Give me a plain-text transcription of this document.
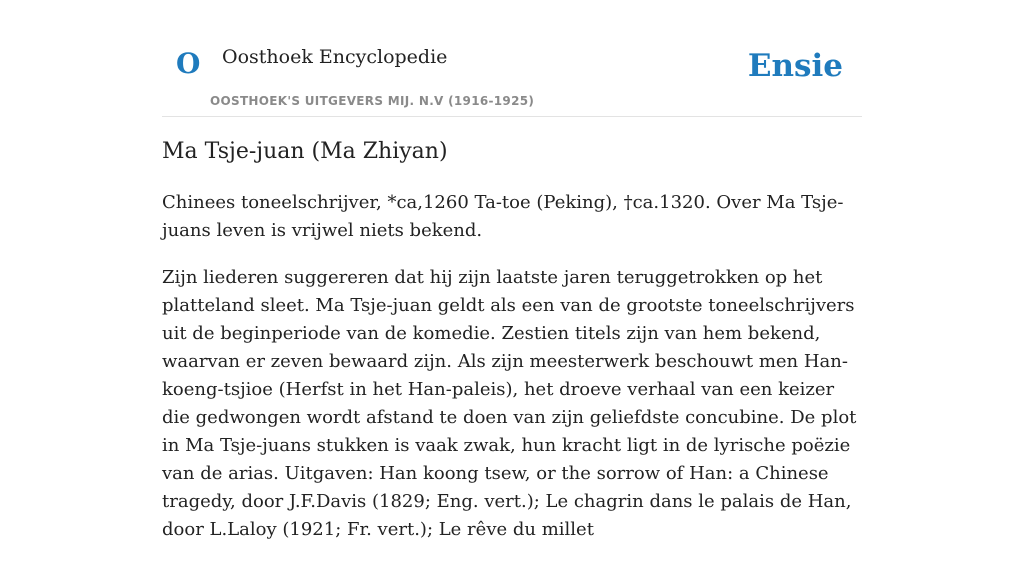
O Oosthoek Encyclopedie
OOSTHOEK'S UITGEVERS MIJ. N.V (1916-1925)
Ensie
Ma Tsje-juan (Ma Zhiyan)

Chinees toneelschrijver, *ca,1260 Ta-toe (Peking), †ca.1320. Over Ma Tsje-juans leven is vrijwel niets bekend.

Zijn liederen suggereren dat hij zijn laatste jaren teruggetrokken op het platteland sleet. Ma Tsje-juan geldt als een van de grootste toneelschrijvers uit de beginperiode van de komedie. Zestien titels zijn van hem bekend, waarvan er zeven bewaard zijn. Als zijn meesterwerk beschouwt men Han-koeng-tsjioe (Herfst in het Han-paleis), het droeve verhaal van een keizer die gedwongen wordt afstand te doen van zijn geliefdste concubine. De plot in Ma Tsje-juans stukken is vaak zwak, hun kracht ligt in de lyrische poëzie van de arias. Uitgaven: Han koong tsew, or the sorrow of Han: a Chinese tragedy, door J.F.Davis (1829; Eng. vert.); Le chagrin dans le palais de Han, door L.Laloy (1921; Fr. vert.); Le rêve du millet
